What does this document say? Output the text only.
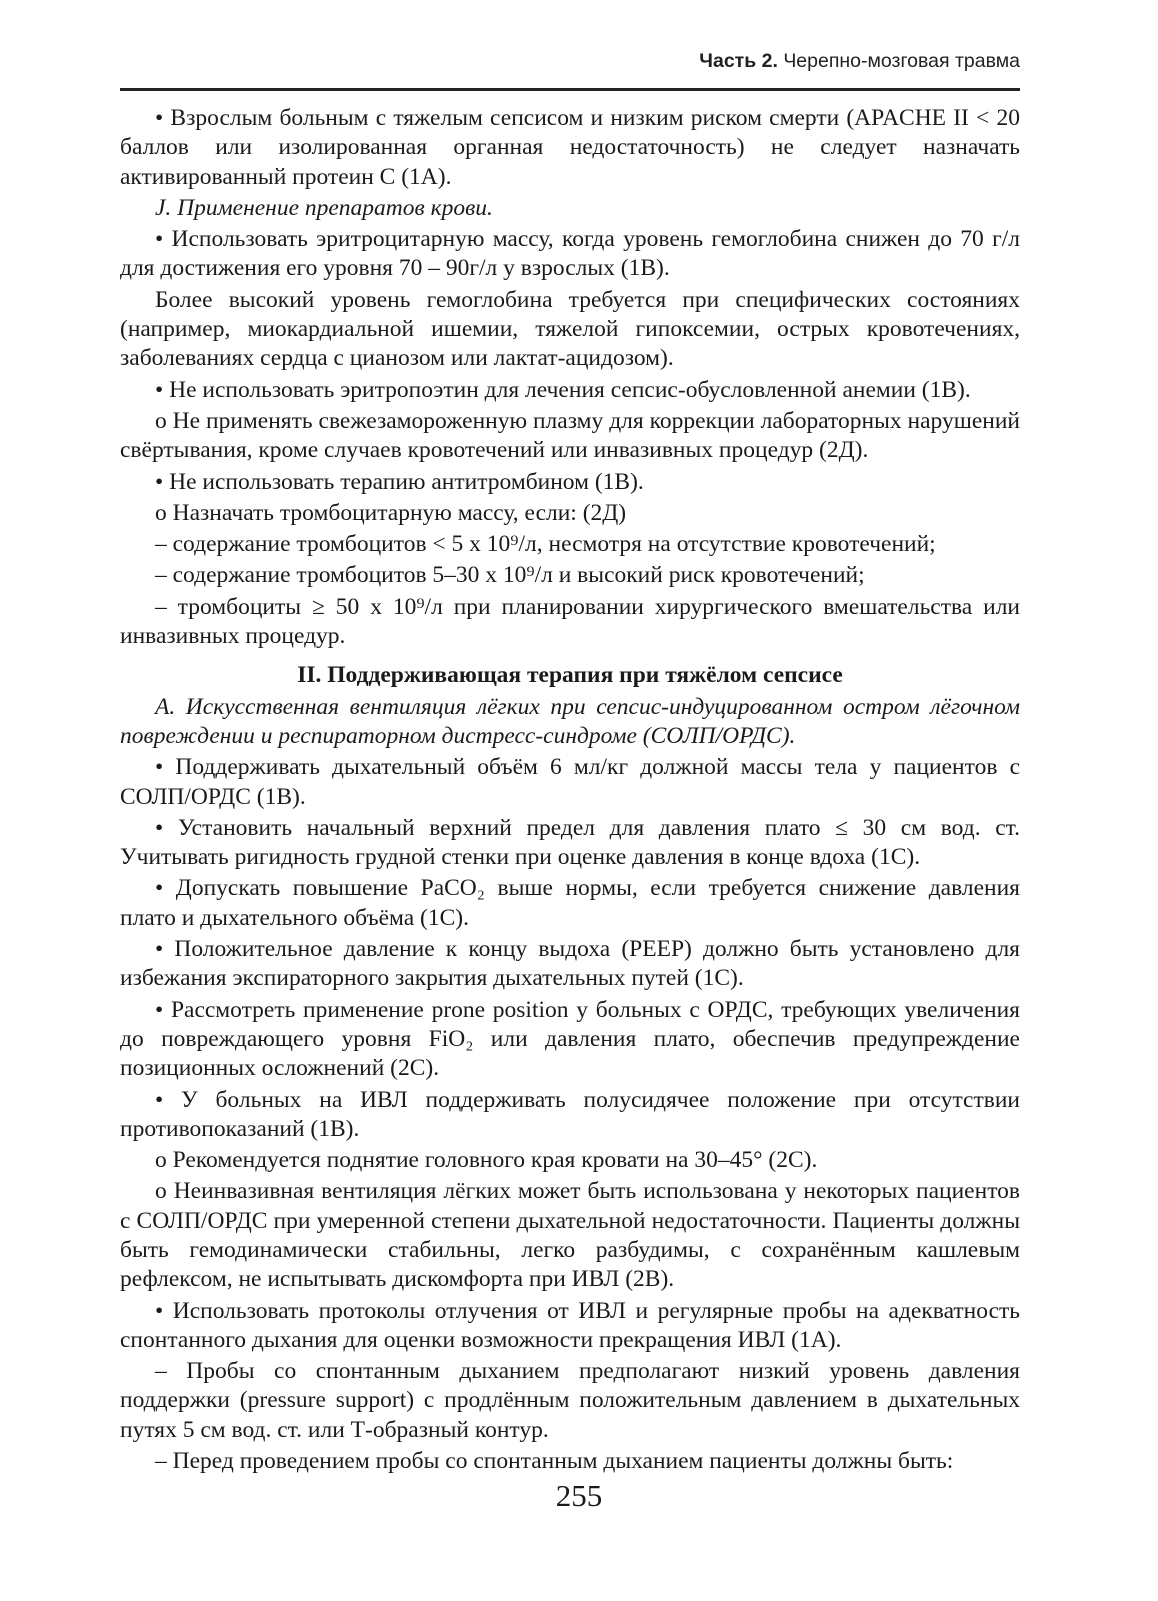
Часть 2. Черепно-мозговая травма

• Взрослым больным с тяжелым сепсисом и низким риском смерти (APACHE II < 20 баллов или изолированная органная недостаточность) не следует назначать активированный протеин С (1А).

J. Применение препаратов крови.

• Использовать эритроцитарную массу, когда уровень гемоглобина снижен до 70 г/л для достижения его уровня 70 – 90г/л у взрослых (1В).

Более высокий уровень гемоглобина требуется при специфических состояниях (например, миокардиальной ишемии, тяжелой гипоксемии, острых кровотечениях, заболеваниях сердца с цианозом или лактат-ацидозом).

• Не использовать эритропоэтин для лечения сепсис-обусловленной анемии (1В).

о Не применять свежезамороженную плазму для коррекции лабораторных нарушений свёртывания, кроме случаев кровотечений или инвазивных процедур (2Д).

• Не использовать терапию антитромбином (1В).

о Назначать тромбоцитарную массу, если: (2Д)

– содержание тромбоцитов < 5 х 10⁹/л, несмотря на отсутствие кровотечений;

– содержание тромбоцитов 5–30 х 10⁹/л и высокий риск кровотечений;

– тромбоциты ≥ 50 х 10⁹/л при планировании хирургического вмешательства или инвазивных процедур.

II. Поддерживающая терапия при тяжёлом сепсисе

А. Искусственная вентиляция лёгких при сепсис-индуцированном остром лёгочном повреждении и респираторном дистресс-синдроме (СОЛП/ОРДС).

• Поддерживать дыхательный объём 6 мл/кг должной массы тела у пациентов с СОЛП/ОРДС (1В).

• Установить начальный верхний предел для давления плато ≤ 30 см вод. ст. Учитывать ригидность грудной стенки при оценке давления в конце вдоха (1С).

• Допускать повышение PaCO₂ выше нормы, если требуется снижение давления плато и дыхательного объёма (1С).

• Положительное давление к концу выдоха (PEEP) должно быть установлено для избежания экспираторного закрытия дыхательных путей (1С).

• Рассмотреть применение prone position у больных с ОРДС, требующих увеличения до повреждающего уровня FiO₂ или давления плато, обеспечив предупреждение позиционных осложнений (2С).

• У больных на ИВЛ поддерживать полусидячее положение при отсутствии противопоказаний (1В).

о Рекомендуется поднятие головного края кровати на 30–45° (2С).

о Неинвазивная вентиляция лёгких может быть использована у некоторых пациентов с СОЛП/ОРДС при умеренной степени дыхательной недостаточности. Пациенты должны быть гемодинамически стабильны, легко разбудимы, с сохранённым кашлевым рефлексом, не испытывать дискомфорта при ИВЛ (2В).

• Использовать протоколы отлучения от ИВЛ и регулярные пробы на адекватность спонтанного дыхания для оценки возможности прекращения ИВЛ (1А).

– Пробы со спонтанным дыханием предполагают низкий уровень давления поддержки (pressure support) с продлённым положительным давлением в дыхательных путях 5 см вод. ст. или Т-образный контур.

– Перед проведением пробы со спонтанным дыханием пациенты должны быть:

255
